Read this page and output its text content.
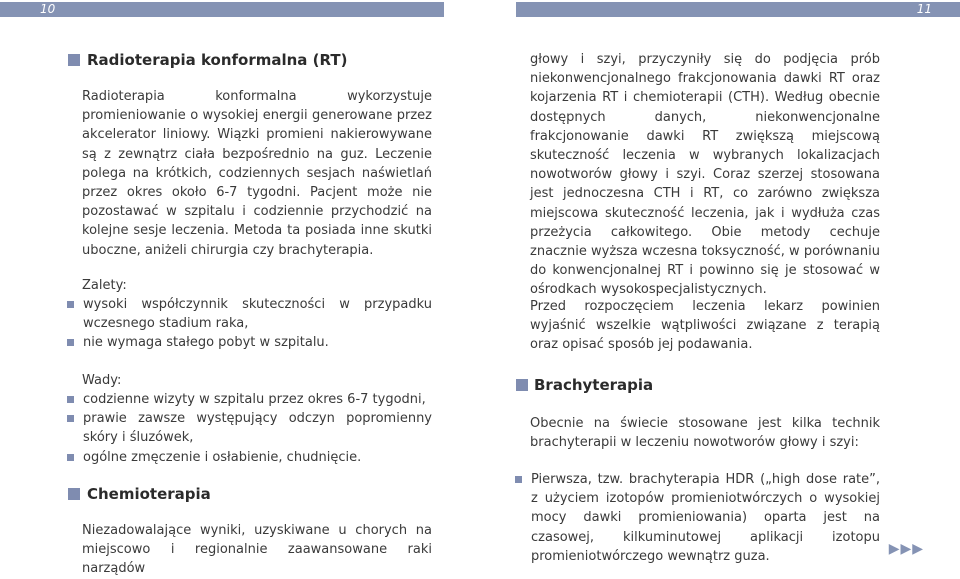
10	11
Radioterapia konformalna (RT)

Radioterapia konformalna wykorzystuje promieniowanie o wysokiej energii generowane przez akcelerator liniowy. Wiązki promieni nakierowywane są z zewnątrz ciała bezpośrednio na guz. Leczenie polega na krótkich, codziennych sesjach naświetlań przez okres około 6-7 tygodni. Pacjent może nie pozostawać w szpitalu i codziennie przychodzić na kolejne sesje leczenia. Metoda ta posiada inne skutki uboczne, aniżeli chirurgia czy brachyterapia.

Zalety:
wysoki współczynnik skuteczności w przypadku wczesnego stadium raka,
nie wymaga stałego pobyt w szpitalu.
Wady:
codzienne wizyty w szpitalu przez okres 6-7 tygodni,
prawie zawsze występujący odczyn popromienny skóry i śluzówek,
ogólne zmęczenie i osłabienie, chudnięcie.
Chemioterapia

Niezadowalające wyniki, uzyskiwane u chorych na miejscowo i regionalnie zaawansowane raki narządów

głowy i szyi, przyczyniły się do podjęcia prób niekonwencjonalnego frakcjonowania dawki RT oraz kojarzenia RT i chemioterapii (CTH). Według obecnie dostępnych danych, niekonwencjonalne frakcjonowanie dawki RT zwiększą miejscową skuteczność leczenia w wybranych lokalizacjach nowotworów głowy i szyi. Coraz szerzej stosowana jest jednoczesna CTH i RT, co zarówno zwiększa miejscowa skuteczność leczenia, jak i wydłuża czas przeżycia całkowitego. Obie metody cechuje znacznie wyższa wczesna toksyczność, w porównaniu do konwencjonalnej RT i powinno się je stosować w ośrodkach wysokospecjalistycznych.

Przed rozpoczęciem leczenia lekarz powinien wyjaśnić wszelkie wątpliwości związane z terapią oraz opisać sposób jej podawania.

Brachyterapia

Obecnie na świecie stosowane jest kilka technik brachyterapii w leczeniu nowotworów głowy i szyi:

Pierwsza, tzw. brachyterapia HDR („high dose rate”, z użyciem izotopów promieniotwórczych o wysokiej mocy dawki promieniowania) oparta jest na czasowej, kilkuminutowej aplikacji izotopu promieniotwórczego wewnątrz guza.	▶▶▶
